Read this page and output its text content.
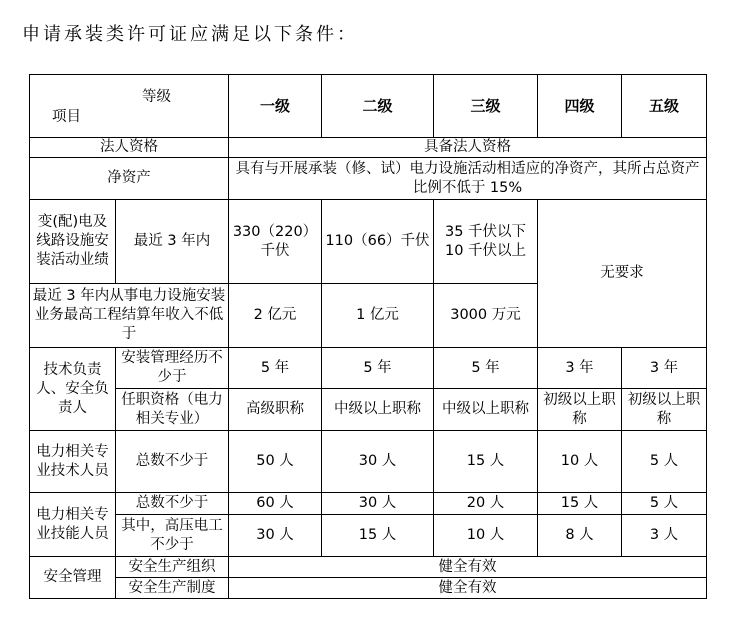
申请承装类许可证应满足以下条件：
等级
项目		一级	二级	三级	四级	五级
法人资格		具备法人资格				
净资产		具有与开展承装（修、试）电力设施活动相适应的净资产，其所占总资产比例不低于 15%				
变(配)电及线路设施安装活动业绩	最近 3 年内	330（220）千伏	110（66）千伏	35 千伏以下 10 千伏以上	无要求	
最近 3 年内从事电力设施安装业务最高工程结算年收入不低于		2 亿元	1 亿元	3000 万元		
技术负责人、安全负责人	安装管理经历不少于	5 年	5 年	5 年	3 年	3 年
	任职资格（电力相关专业）	高级职称	中级以上职称	中级以上职称	初级以上职称	初级以上职称
电力相关专业技术人员	总数不少于	50 人	30 人	15 人	10 人	5 人
电力相关专业技能人员	总数不少于	60 人	30 人	20 人	15 人	5 人
	其中，高压电工不少于	30 人	15 人	10 人	8 人	3 人
安全管理	安全生产组织	健全有效				
	安全生产制度	健全有效				
